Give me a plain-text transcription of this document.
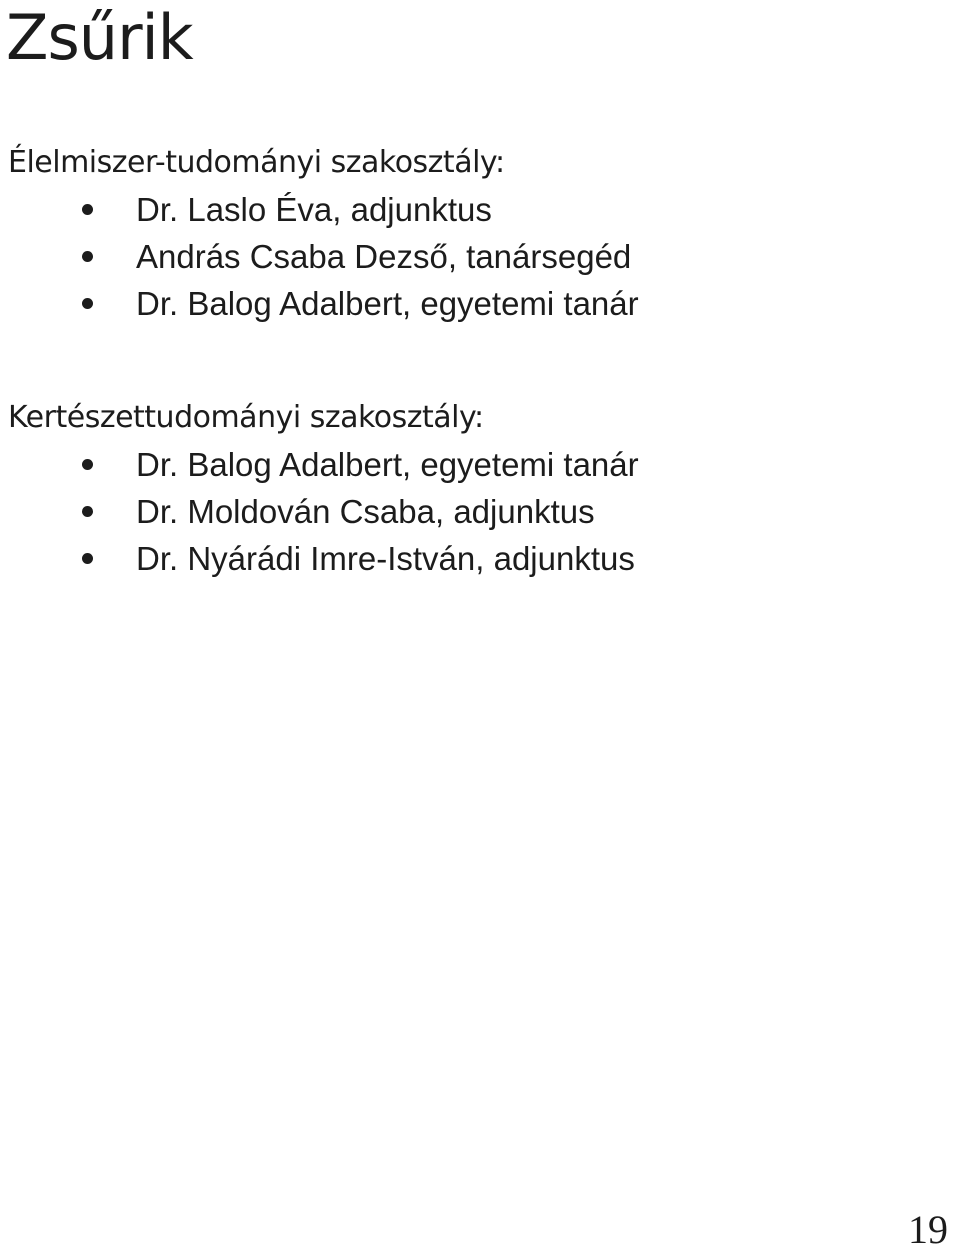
Zsűrik
Élelmiszer-tudományi szakosztály:
Dr. Laslo Éva, adjunktus
András Csaba Dezső, tanársegéd
Dr. Balog Adalbert, egyetemi tanár
Kertészettudományi szakosztály:
Dr. Balog Adalbert, egyetemi tanár
Dr. Moldován Csaba, adjunktus
Dr. Nyárádi Imre-István, adjunktus
19
